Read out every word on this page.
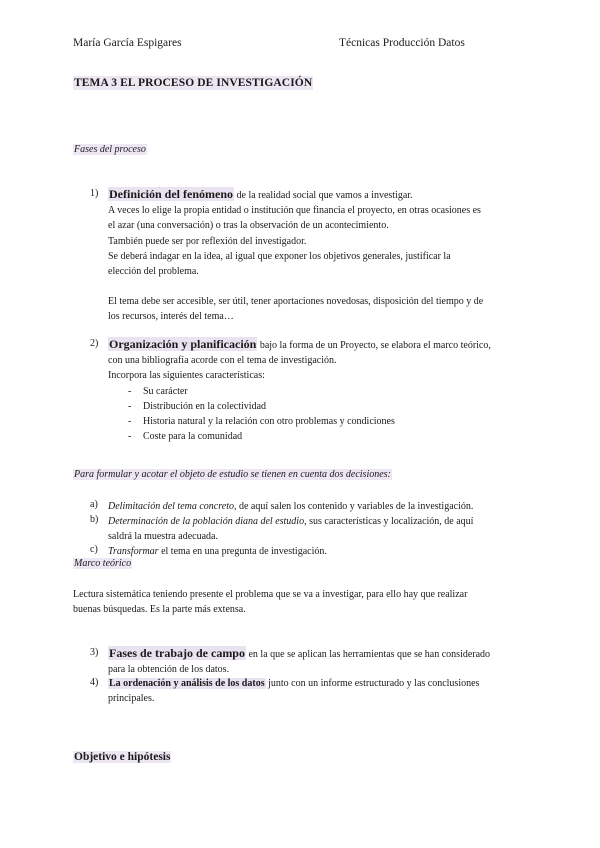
María García Espigares	Técnicas Producción Datos
TEMA 3 EL PROCESO DE INVESTIGACIÓN
Fases del proceso
1) Definición del fenómeno de la realidad social que vamos a investigar.

A veces lo elige la propia entidad o institución que financia el proyecto, en otras ocasiones es

el azar (una conversación) o tras la observación de un acontecimiento.

También puede ser por reflexión del investigador.

Se deberá indagar en la idea, al igual que exponer los objetivos generales, justificar la

elección del problema.

El tema debe ser accesible, ser útil, tener aportaciones novedosas, disposición del tiempo y de

los recursos, interés del tema…

2) Organización y planificación bajo la forma de un Proyecto, se elabora el marco teórico,

con una bibliografía acorde con el tema de investigación.

Incorpora las siguientes características:

- Su carácter
- Distribución en la colectividad
- Historia natural y la relación con otro problemas y condiciones
- Coste para la comunidad
Para formular y acotar el objeto de estudio se tienen en cuenta dos decisiones:
a) Delimitación del tema concreto, de aquí salen los contenido y variables de la investigación.

b) Determinación de la población diana del estudio, sus características y localización, de aquí

saldrá la muestra adecuada.

c) Transformar el tema en una pregunta de investigación.

Marco teórico

Lectura sistemática teniendo presente el problema que se va a investigar, para ello hay que realizar

buenas búsquedas. Es la parte más extensa.

3) Fases de trabajo de campo en la que se aplican las herramientas que se han considerado

para la obtención de los datos.

4) La ordenación y análisis de los datos junto con un informe estructurado y las conclusiones

principales.

Objetivo e hipótesis
